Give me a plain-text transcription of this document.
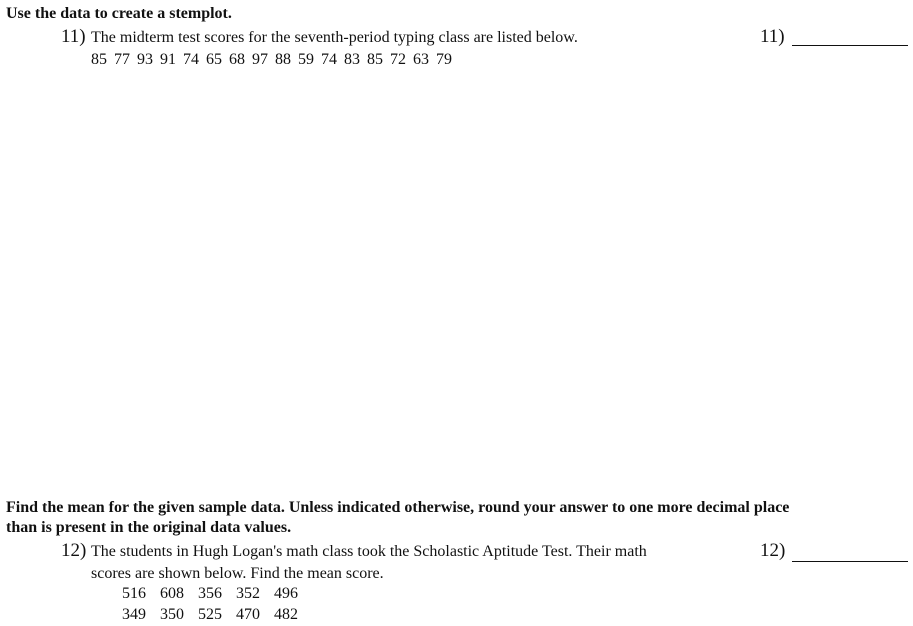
Use the data to create a stemplot.
11) The midterm test scores for the seventh-period typing class are listed below.
85 77 93 91 74 65 68 97 88 59 74 83 85 72 63 79
11)
Find the mean for the given sample data. Unless indicated otherwise, round your answer to one more decimal place
than is present in the original data values.
12) The students in Hugh Logan's math class took the Scholastic Aptitude Test. Their math
scores are shown below. Find the mean score.
516  608  356  352  496
349  350  525  470  482
12)
